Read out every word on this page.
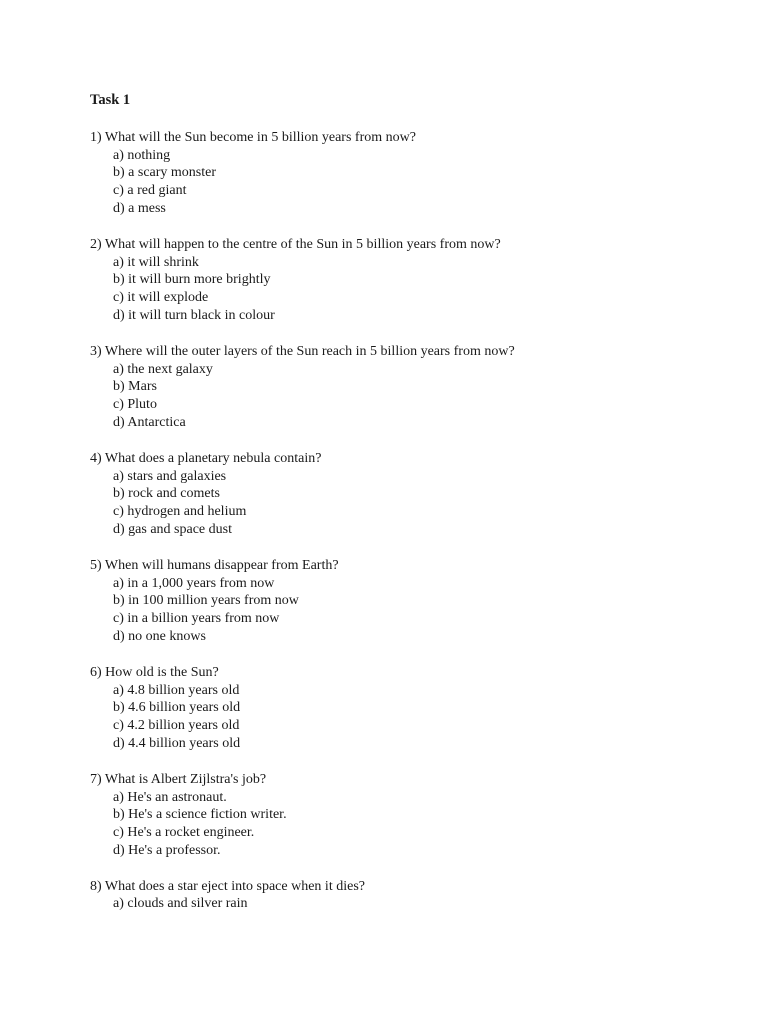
Task 1
1) What will the Sun become in 5 billion years from now?
a) nothing
b) a scary monster
c) a red giant
d) a mess
2) What will happen to the centre of the Sun in 5 billion years from now?
a) it will shrink
b) it will burn more brightly
c) it will explode
d) it will turn black in colour
3) Where will the outer layers of the Sun reach in 5 billion years from now?
a) the next galaxy
b) Mars
c) Pluto
d) Antarctica
4) What does a planetary nebula contain?
a) stars and galaxies
b) rock and comets
c) hydrogen and helium
d) gas and space dust
5) When will humans disappear from Earth?
a) in a 1,000 years from now
b) in 100 million years from now
c) in a billion years from now
d) no one knows
6) How old is the Sun?
a) 4.8 billion years old
b) 4.6 billion years old
c) 4.2 billion years old
d) 4.4 billion years old
7) What is Albert Zijlstra's job?
a) He's an astronaut.
b) He's a science fiction writer.
c) He's a rocket engineer.
d) He's a professor.
8) What does a star eject into space when it dies?
a) clouds and silver rain
